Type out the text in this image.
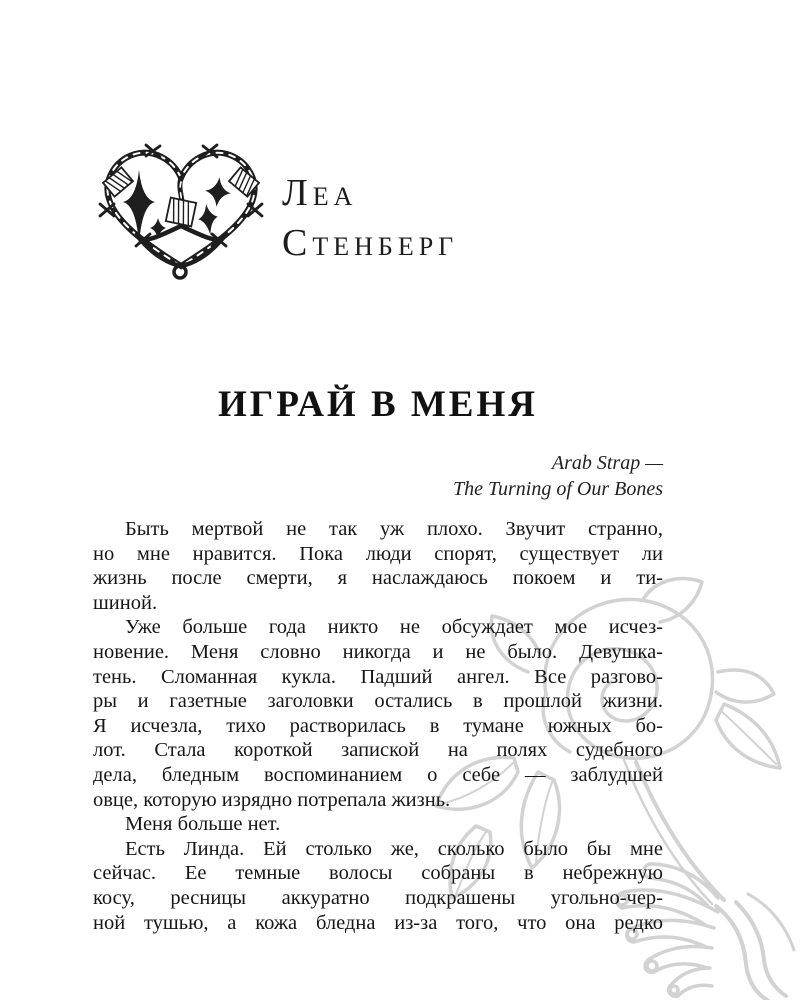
ЛЕА
СТЕНБЕРГ
ИГРАЙ В МЕНЯ
Arab Strap —
The Turning of Our Bones
Быть мертвой не так уж плохо. Звучит странно,
но мне нравится. Пока люди спорят, существует ли
жизнь после смерти, я наслаждаюсь покоем и ти-
шиной.
Уже больше года никто не обсуждает мое исчез-
новение. Меня словно никогда и не было. Девушка-
тень. Сломанная кукла. Падший ангел. Все разгово-
ры и газетные заголовки остались в прошлой жизни.
Я исчезла, тихо растворилась в тумане южных бо-
лот. Стала короткой запиской на полях судебного
дела, бледным воспоминанием о себе — заблудшей
овце, которую изрядно потрепала жизнь.
Меня больше нет.
Есть Линда. Ей столько же, сколько было бы мне
сейчас. Ее темные волосы собраны в небрежную
косу, ресницы аккуратно подкрашены угольно-чер-
ной тушью, а кожа бледна из-за того, что она редко
